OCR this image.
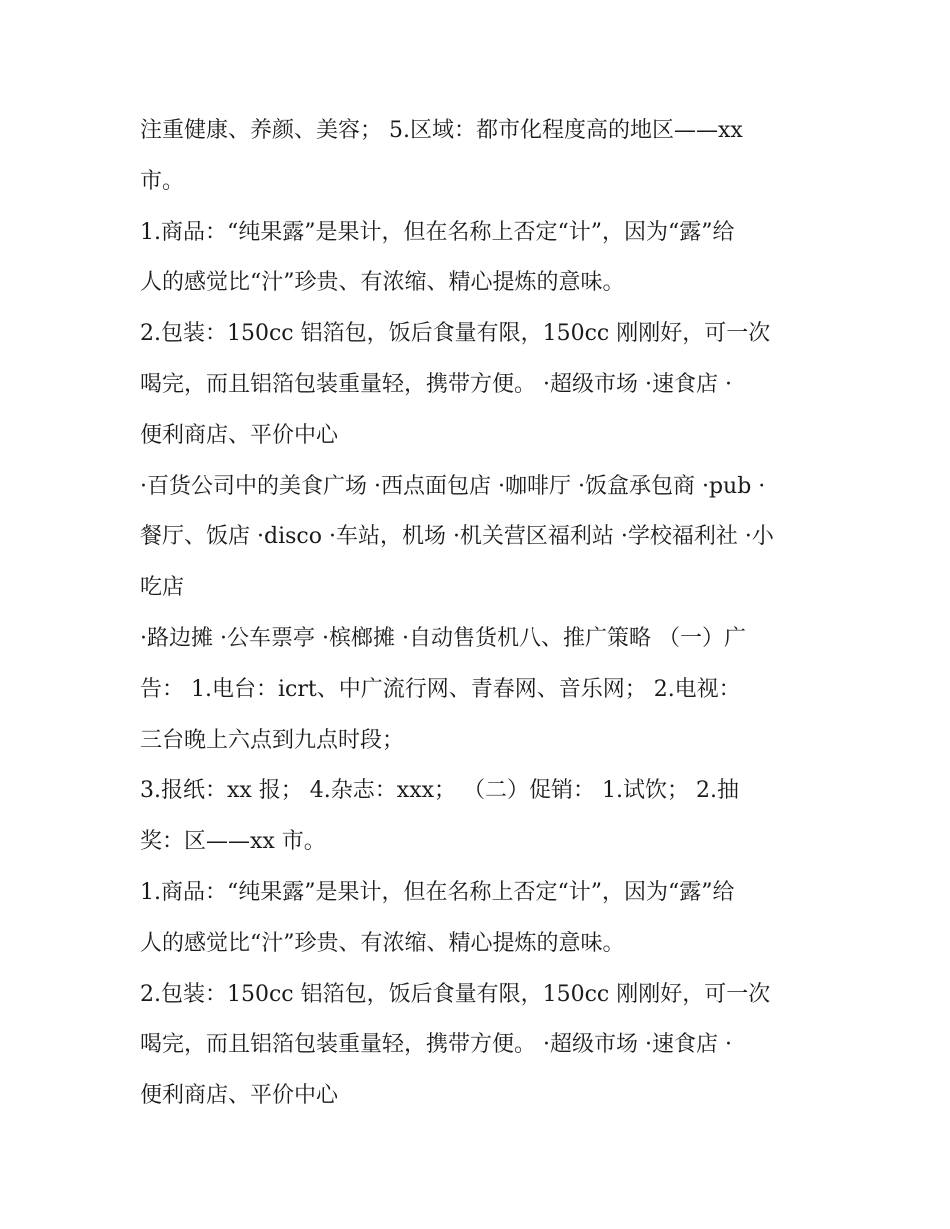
注重健康、养颜、美容； 5.区域：都市化程度高的地区——xx
市。
1.商品：“纯果露”是果计，但在名称上否定“计”，因为“露”给
人的感觉比“汁”珍贵、有浓缩、精心提炼的意味。
2.包装：150cc 铝箔包，饭后食量有限，150cc 刚刚好，可一次
喝完，而且铝箔包装重量轻，携带方便。 ·超级市场 ·速食店 ·
便利商店、平价中心
·百货公司中的美食广场 ·西点面包店 ·咖啡厅 ·饭盒承包商 ·pub ·
餐厅、饭店 ·disco ·车站，机场 ·机关营区福利站 ·学校福利社 ·小
吃店
·路边摊 ·公车票亭 ·槟榔摊 ·自动售货机八、推广策略 （一）广
告： 1.电台：icrt、中广流行网、青春网、音乐网； 2.电视：
三台晚上六点到九点时段；
3.报纸：xx 报； 4.杂志：xxx； （二）促销： 1.试饮； 2.抽
奖：区——xx 市。
1.商品：“纯果露”是果计，但在名称上否定“计”，因为“露”给
人的感觉比“汁”珍贵、有浓缩、精心提炼的意味。
2.包装：150cc 铝箔包，饭后食量有限，150cc 刚刚好，可一次
喝完，而且铝箔包装重量轻，携带方便。 ·超级市场 ·速食店 ·
便利商店、平价中心
